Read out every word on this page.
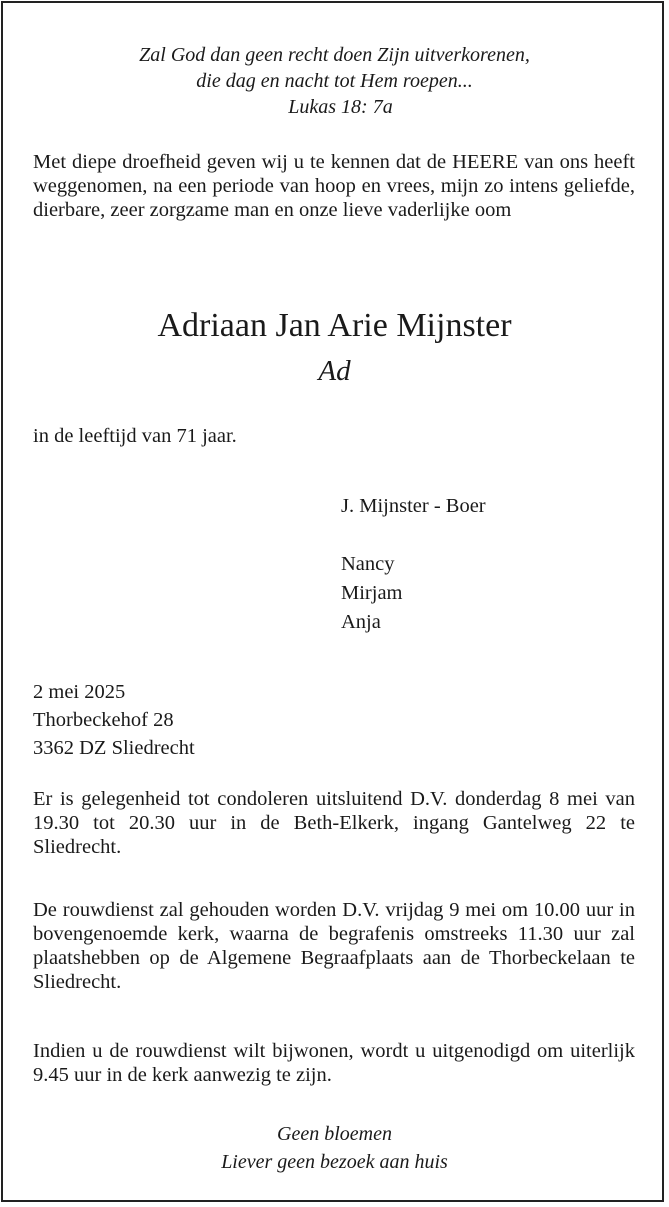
Zal God dan geen recht doen Zijn uitverkorenen,
die dag en nacht tot Hem roepen...
Lukas 18: 7a
Met diepe droefheid geven wij u te kennen dat de HEERE van ons heeft weggenomen, na een periode van hoop en vrees, mijn zo intens geliefde, dierbare, zeer zorgzame man en onze lieve vaderlijke oom
Adriaan Jan Arie Mijnster
Ad
in de leeftijd van 71 jaar.
J. Mijnster - Boer
Nancy
Mirjam
Anja
2 mei 2025
Thorbeckehof 28
3362 DZ Sliedrecht
Er is gelegenheid tot condoleren uitsluitend D.V. donderdag 8 mei van 19.30 tot 20.30 uur in de Beth-Elkerk, ingang Gantelweg 22 te Sliedrecht.
De rouwdienst zal gehouden worden D.V. vrijdag 9 mei om 10.00 uur in bovengenoemde kerk, waarna de begrafenis omstreeks 11.30 uur zal plaatshebben op de Algemene Begraafplaats aan de Thorbeckelaan te Sliedrecht.
Indien u de rouwdienst wilt bijwonen, wordt u uitgenodigd om uiterlijk 9.45 uur in de kerk aanwezig te zijn.
Geen bloemen
Liever geen bezoek aan huis
